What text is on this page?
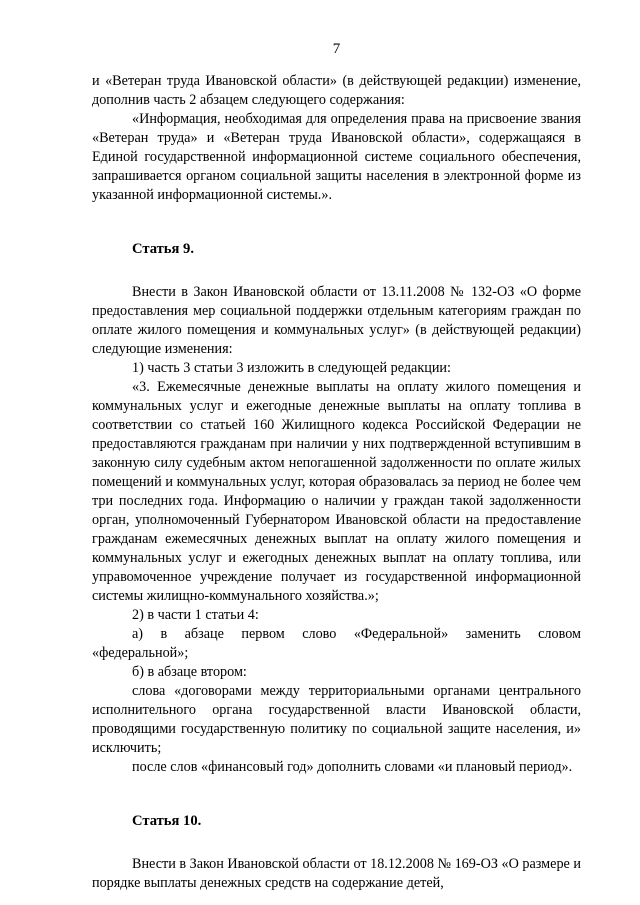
7

и «Ветеран труда Ивановской области» (в действующей редакции) изменение, дополнив часть 2 абзацем следующего содержания:

«Информация, необходимая для определения права на присвоение звания «Ветеран труда» и «Ветеран труда Ивановской области», содержащаяся в Единой государственной информационной системе социального обеспечения, запрашивается органом социальной защиты населения в электронной форме из указанной информационной системы.».

Статья 9.

Внести в Закон Ивановской области от 13.11.2008 № 132-ОЗ «О форме предоставления мер социальной поддержки отдельным категориям граждан по оплате жилого помещения и коммунальных услуг» (в действующей редакции) следующие изменения:

1) часть 3 статьи 3 изложить в следующей редакции:

«3. Ежемесячные денежные выплаты на оплату жилого помещения и коммунальных услуг и ежегодные денежные выплаты на оплату топлива в соответствии со статьей 160 Жилищного кодекса Российской Федерации не предоставляются гражданам при наличии у них подтвержденной вступившим в законную силу судебным актом непогашенной задолженности по оплате жилых помещений и коммунальных услуг, которая образовалась за период не более чем три последних года. Информацию о наличии у граждан такой задолженности орган, уполномоченный Губернатором Ивановской области на предоставление гражданам ежемесячных денежных выплат на оплату жилого помещения и коммунальных услуг и ежегодных денежных выплат на оплату топлива, или управомоченное учреждение получает из государственной информационной системы жилищно-коммунального хозяйства.»;

2) в части 1 статьи 4:

а) в абзаце первом слово «Федеральной» заменить словом «федеральной»;

б) в абзаце втором:

слова «договорами между территориальными органами центрального исполнительного органа государственной власти Ивановской области, проводящими государственную политику по социальной защите населения, и» исключить;

после слов «финансовый год» дополнить словами «и плановый период».

Статья 10.

Внести в Закон Ивановской области от 18.12.2008 № 169-ОЗ «О размере и порядке выплаты денежных средств на содержание детей,
